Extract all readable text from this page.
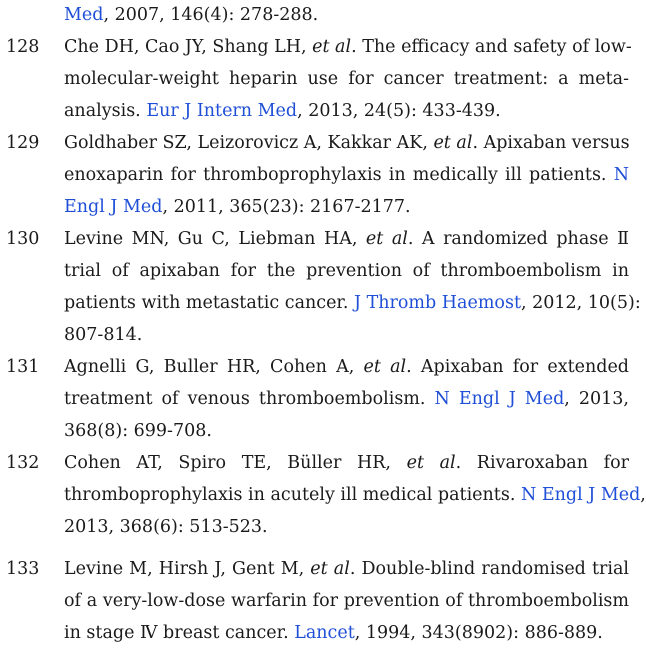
Med, 2007, 146(4): 278-288.
128 Che DH, Cao JY, Shang LH, et al. The efficacy and safety of low-
molecular-weight heparin use for cancer treatment: a meta-
analysis. Eur J Intern Med, 2013, 24(5): 433-439.
129 Goldhaber SZ, Leizorovicz A, Kakkar AK, et al. Apixaban versus
enoxaparin for thromboprophylaxis in medically ill patients. N
Engl J Med, 2011, 365(23): 2167-2177.
130 Levine MN, Gu C, Liebman HA, et al. A randomized phase Ⅱ
trial of apixaban for the prevention of thromboembolism in
patients with metastatic cancer. J Thromb Haemost, 2012, 10(5):
807-814.
131 Agnelli G, Buller HR, Cohen A, et al. Apixaban for extended
treatment of venous thromboembolism. N Engl J Med, 2013,
368(8): 699-708.
132 Cohen AT, Spiro TE, Büller HR, et al. Rivaroxaban for
thromboprophylaxis in acutely ill medical patients. N Engl J Med,
2013, 368(6): 513-523.
133 Levine M, Hirsh J, Gent M, et al. Double-blind randomised trial
of a very-low-dose warfarin for prevention of thromboembolism
in stage Ⅳ breast cancer. Lancet, 1994, 343(8902): 886-889.
